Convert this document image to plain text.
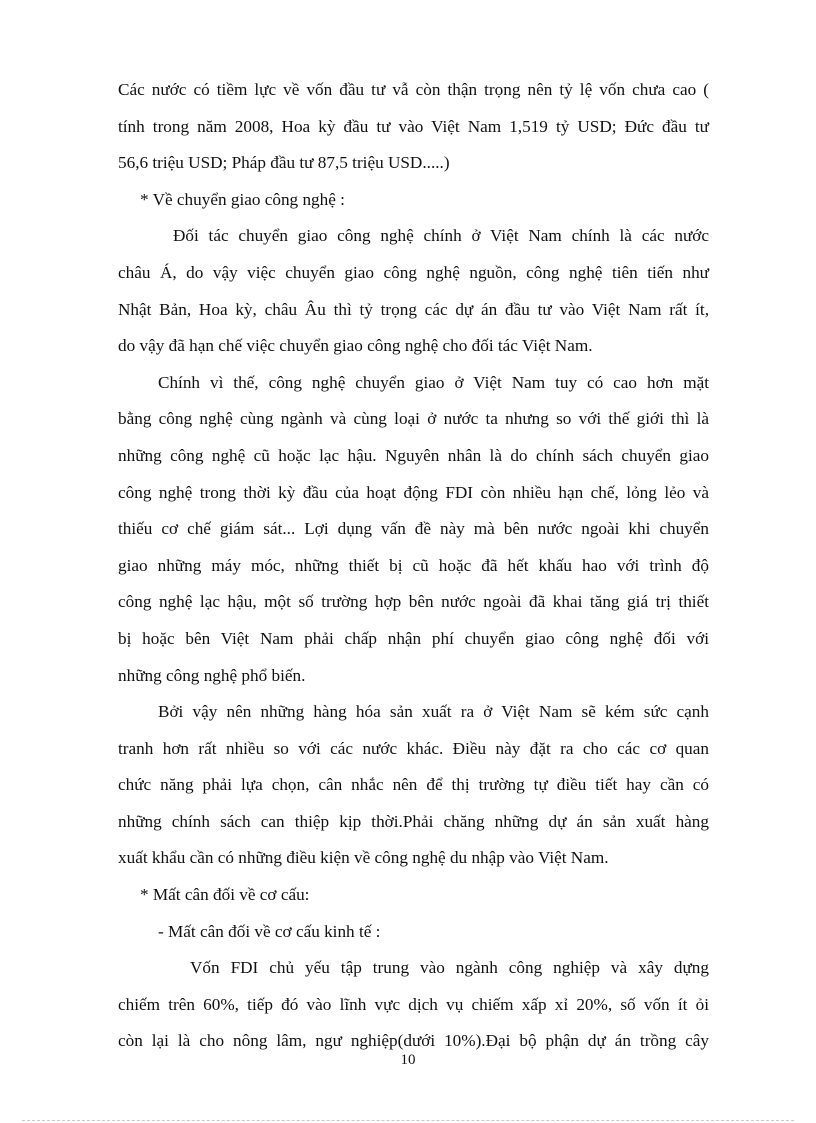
Các nước có tiềm lực về vốn đầu tư vẫ còn thận trọng nên tỷ lệ vốn chưa cao (
tính trong năm 2008, Hoa kỳ đầu tư vào Việt Nam 1,519 tỷ USD; Đức đầu tư
56,6 triệu USD; Pháp đầu tư 87,5 triệu USD.....)
* Về chuyển giao công nghệ :
Đối tác chuyển giao công nghệ chính ở Việt Nam chính là các nước
châu Á, do vậy việc chuyển giao công nghệ nguồn, công nghệ tiên tiến như
Nhật Bản, Hoa kỳ, châu Âu thì tỷ trọng các dự án đầu tư vào Việt Nam rất ít,
do vậy đã hạn chế việc chuyển giao công nghệ cho đối tác Việt Nam.
Chính vì thế, công nghệ chuyển giao ở Việt Nam tuy có cao hơn mặt
bằng công nghệ cùng ngành và cùng loại ở nước ta nhưng so với thế giới thì là
những công nghệ cũ hoặc lạc hậu. Nguyên nhân là do chính sách chuyển giao
công nghệ trong thời kỳ đầu của hoạt động FDI còn nhiều hạn chế, lỏng lẻo và
thiếu cơ chế giám sát... Lợi dụng vấn đề này mà bên nước ngoài khi chuyển
giao những máy móc, những thiết bị cũ hoặc đã hết khấu hao với trình độ
công nghệ lạc hậu, một số trường hợp bên nước ngoài đã khai tăng giá trị thiết
bị hoặc bên Việt Nam phải chấp nhận phí chuyển giao công nghệ đối với
những công nghệ phổ biến.
Bởi vậy nên những hàng hóa sản xuất ra ở Việt Nam sẽ kém sức cạnh
tranh hơn rất nhiều so với các nước khác. Điều này đặt ra cho các cơ quan
chức năng phải lựa chọn, cân nhắc nên để thị trường tự điều tiết hay cần có
những chính sách can thiệp kịp thời.Phải chăng những dự án sản xuất hàng
xuất khẩu cần có những điều kiện về công nghệ du nhập vào Việt Nam.
* Mất cân đối về cơ cấu:
- Mất cân đối về cơ cấu kinh tế :
Vốn FDI chủ yếu tập trung vào ngành công nghiệp và xây dựng
chiếm trên 60%, tiếp đó vào lĩnh vực dịch vụ chiếm xấp xỉ 20%, số vốn ít ỏi
còn lại là cho nông lâm, ngư nghiệp(dưới 10%).Đại bộ phận dự án trồng cây
10
